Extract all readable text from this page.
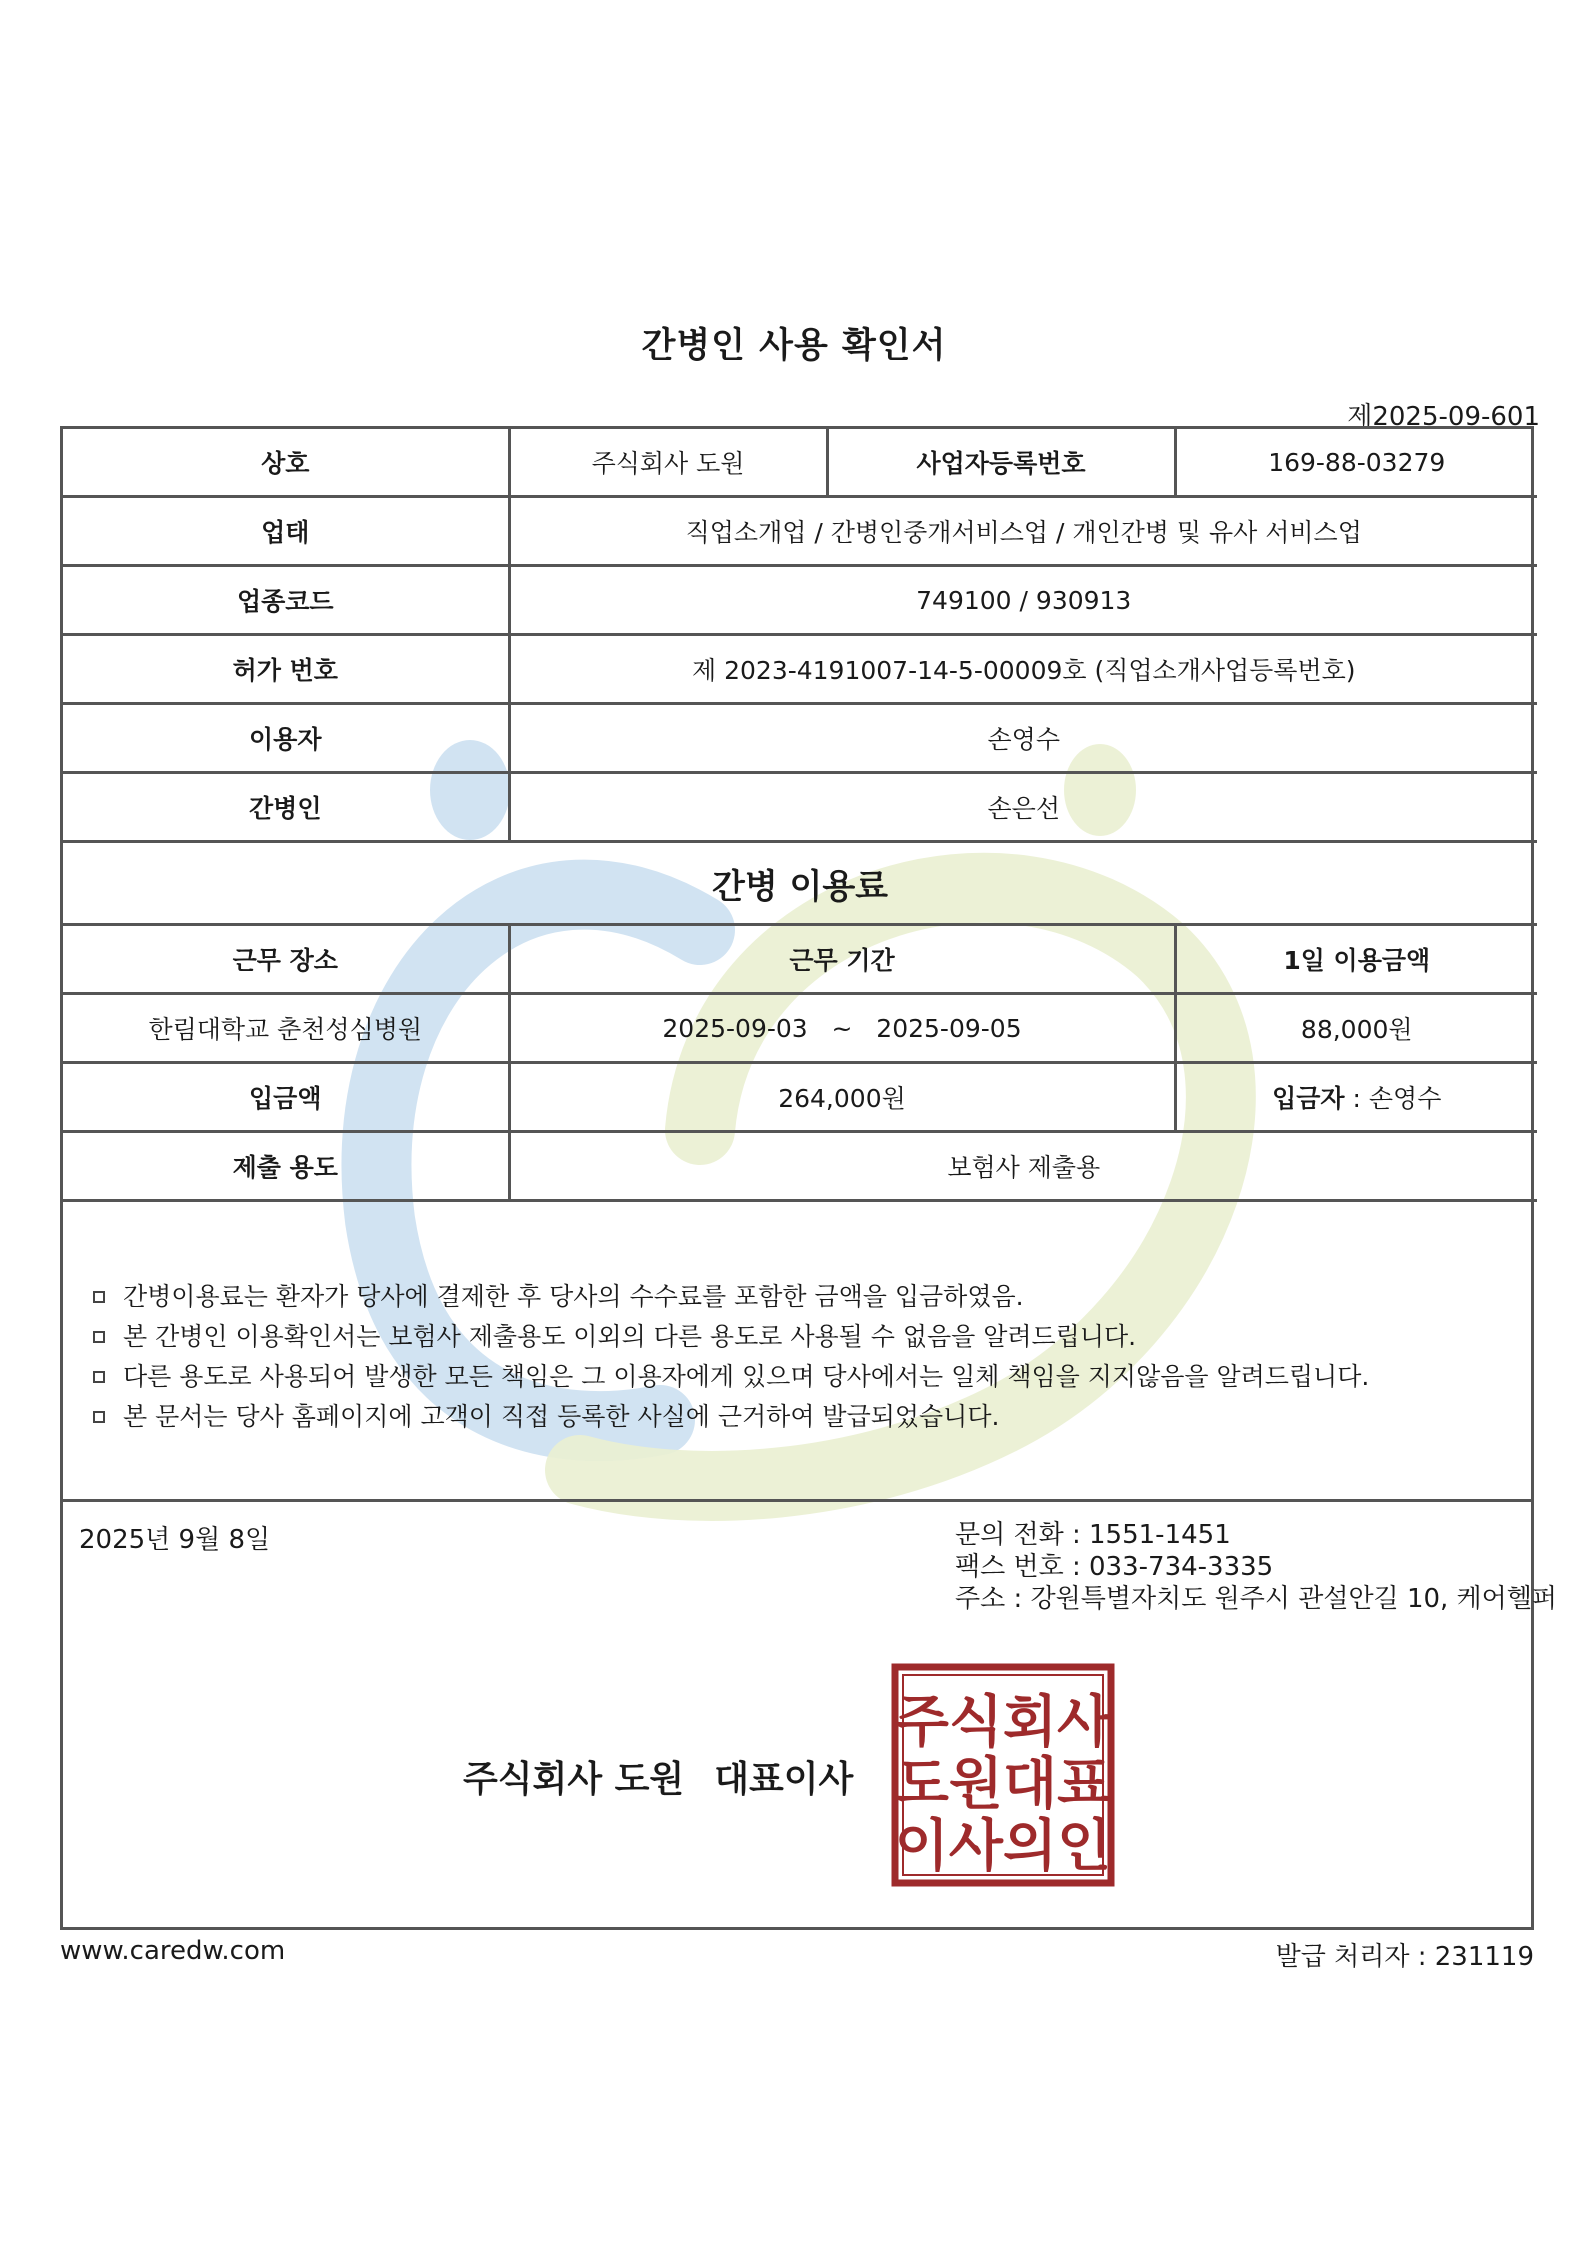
간병인 사용 확인서
제2025-09-601
상호	주식회사 도원	사업자등록번호	169-88-03279
업태	직업소개업 / 간병인중개서비스업 / 개인간병 및 유사 서비스업		
업종코드	749100 / 930913		
허가 번호	제 2023-4191007-14-5-00009호 (직업소개사업등록번호)		
이용자	손영수		
간병인	손은선		
간병 이용료			
근무 장소	근무 기간		1일 이용금액
한림대학교 춘천성심병원	2025-09-03   ~   2025-09-05		88,000원
입금액	264,000원		입금자 : 손영수
제출 용도	보험사 제출용		
간병이용료는 환자가 당사에 결제한 후 당사의 수수료를 포함한 금액을 입금하였음.
본 간병인 이용확인서는 보험사 제출용도 이외의 다른 용도로 사용될 수 없음을 알려드립니다.
다른 용도로 사용되어 발생한 모든 책임은 그 이용자에게 있으며 당사에서는 일체 책임을 지지않음을 알려드립니다.
본 문서는 당사 홈페이지에 고객이 직접 등록한 사실에 근거하여 발급되었습니다.
2025년 9월 8일	문의 전화 : 1551-1451
팩스 번호 : 033-734-3335
주소 : 강원특별자치도 원주시 관설안길 10, 케어헬퍼
주식회사 도원 대표이사
주식회사
도원대표
이사의인
www.caredw.com	발급 처리자 : 231119
